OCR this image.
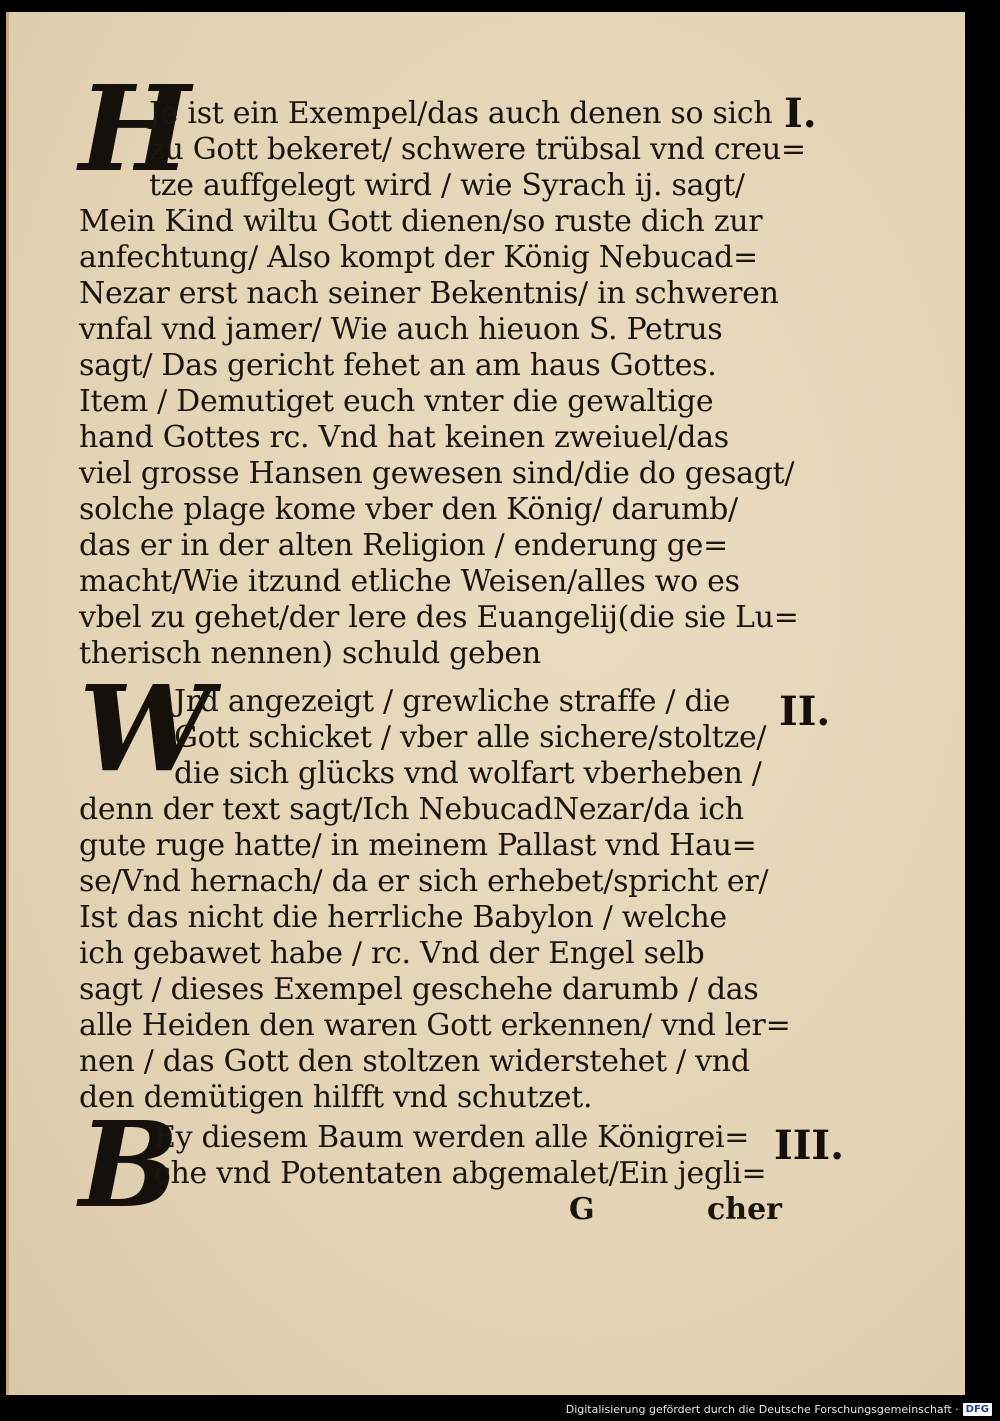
H	I.
Je ist ein Exempel/das auch denen so sich
zu Gott bekeret/ schwere trübsal vnd creu=
tze auffgelegt wird / wie Syrach ij. sagt/
Mein Kind wiltu Gott dienen/so ruste dich zur
anfechtung/ Also kompt der König Nebucad=
Nezar erst nach seiner Bekentnis/ in schweren
vnfal vnd jamer/ Wie auch hieuon S. Petrus
sagt/ Das gericht fehet an am haus Gottes.
Item / Demutiget euch vnter die gewaltige
hand Gottes rc. Vnd hat keinen zweiuel/das
viel grosse Hansen gewesen sind/die do gesagt/
solche plage kome vber den König/ darumb/
das er in der alten Religion / enderung ge=
macht/Wie itzund etliche Weisen/alles wo es
vbel zu gehet/der lere des Euangelij(die sie Lu=
therisch nennen) schuld geben
W	II.
Jrd angezeigt / grewliche straffe / die
Gott schicket / vber alle sichere/stoltze/
die sich glücks vnd wolfart vberheben /
denn der text sagt/Ich NebucadNezar/da ich
gute ruge hatte/ in meinem Pallast vnd Hau=
se/Vnd hernach/ da er sich erhebet/spricht er/
Ist das nicht die herrliche Babylon / welche
ich gebawet habe / rc. Vnd der Engel selb
sagt / dieses Exempel geschehe darumb / das
alle Heiden den waren Gott erkennen/ vnd ler=
nen / das Gott den stoltzen widerstehet / vnd
den demütigen hilfft vnd schutzet.
B	III.
Ey diesem Baum werden alle Königrei=
che vnd Potentaten abgemalet/Ein jegli=
G	cher
Digitalisierung gefördert durch die Deutsche Forschungsgemeinschaft · DFG
